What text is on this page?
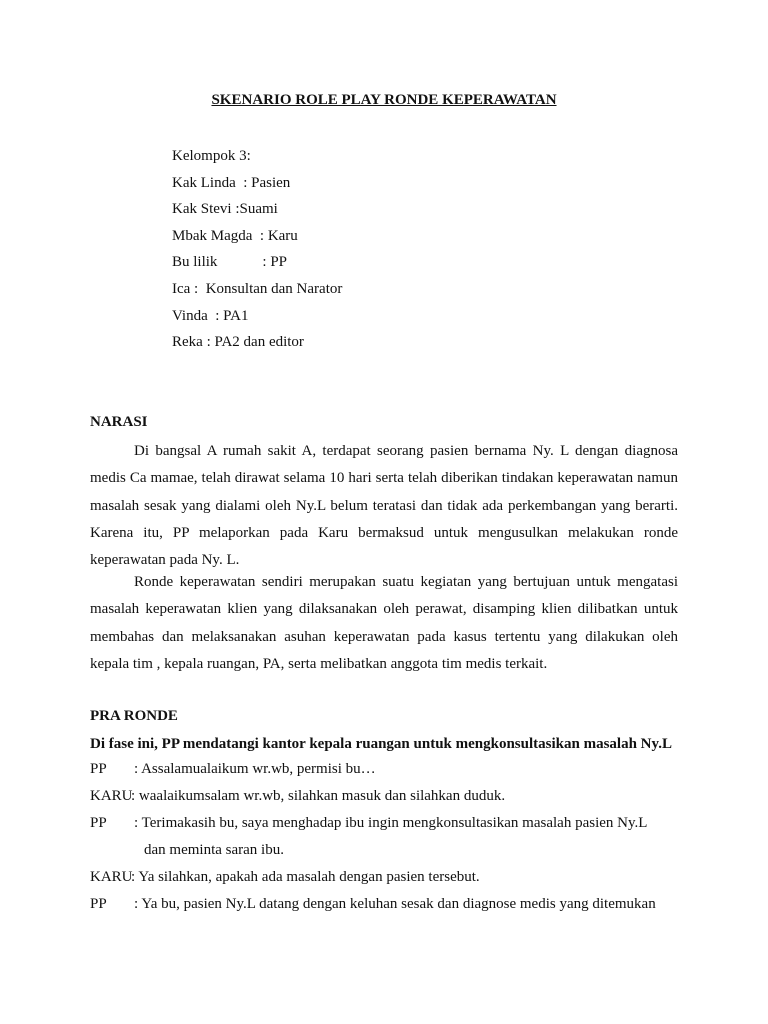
SKENARIO ROLE PLAY RONDE KEPERAWATAN
Kelompok 3:
Kak Linda  : Pasien
Kak Stevi :Suami
Mbak Magda  : Karu
Bu lilik            : PP
Ica :  Konsultan dan Narator
Vinda  : PA1
Reka : PA2 dan editor
NARASI
Di bangsal A rumah sakit A, terdapat seorang pasien bernama Ny. L dengan diagnosa medis Ca mamae, telah dirawat selama 10 hari serta telah diberikan tindakan keperawatan namun masalah sesak yang dialami oleh Ny.L belum teratasi dan tidak ada perkembangan yang berarti. Karena itu, PP melaporkan pada Karu bermaksud untuk mengusulkan melakukan ronde keperawatan pada Ny. L.
Ronde keperawatan sendiri merupakan suatu kegiatan yang bertujuan untuk mengatasi masalah keperawatan klien yang dilaksanakan oleh perawat, disamping klien dilibatkan untuk membahas dan melaksanakan asuhan keperawatan pada kasus tertentu yang dilakukan oleh kepala tim , kepala ruangan, PA, serta melibatkan anggota tim medis terkait.
PRA RONDE
Di fase ini, PP mendatangi kantor kepala ruangan untuk mengkonsultasikan masalah Ny.L
PP : Assalamualaikum wr.wb, permisi bu…
KARU
: waalaikumsalam wr.wb, silahkan masuk dan silahkan duduk.
PP : Terimakasih bu, saya menghadap ibu ingin mengkonsultasikan masalah pasien Ny.L
dan meminta saran ibu.
KARU
: Ya silahkan, apakah ada masalah dengan pasien tersebut.
PP : Ya bu, pasien Ny.L datang dengan keluhan sesak dan diagnose medis yang ditemukan
